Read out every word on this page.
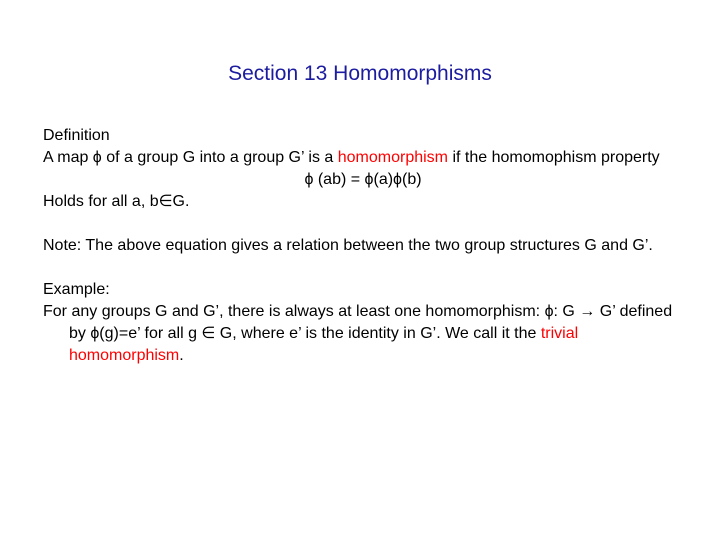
Section 13 Homomorphisms

Definition

A map ϕ of a group G into a group G’ is a homomorphism if the homomophism property

ϕ (ab) = ϕ(a)ϕ(b)

Holds for all a, b∈G.

Note: The above equation gives a relation between the two group structures G and G’.

Example:

For any groups G and G’, there is always at least one homomorphism: ϕ: G → G’ defined by ϕ(g)=e’ for all g ∈ G, where e’ is the identity in G’. We call it the trivial homomorphism.
